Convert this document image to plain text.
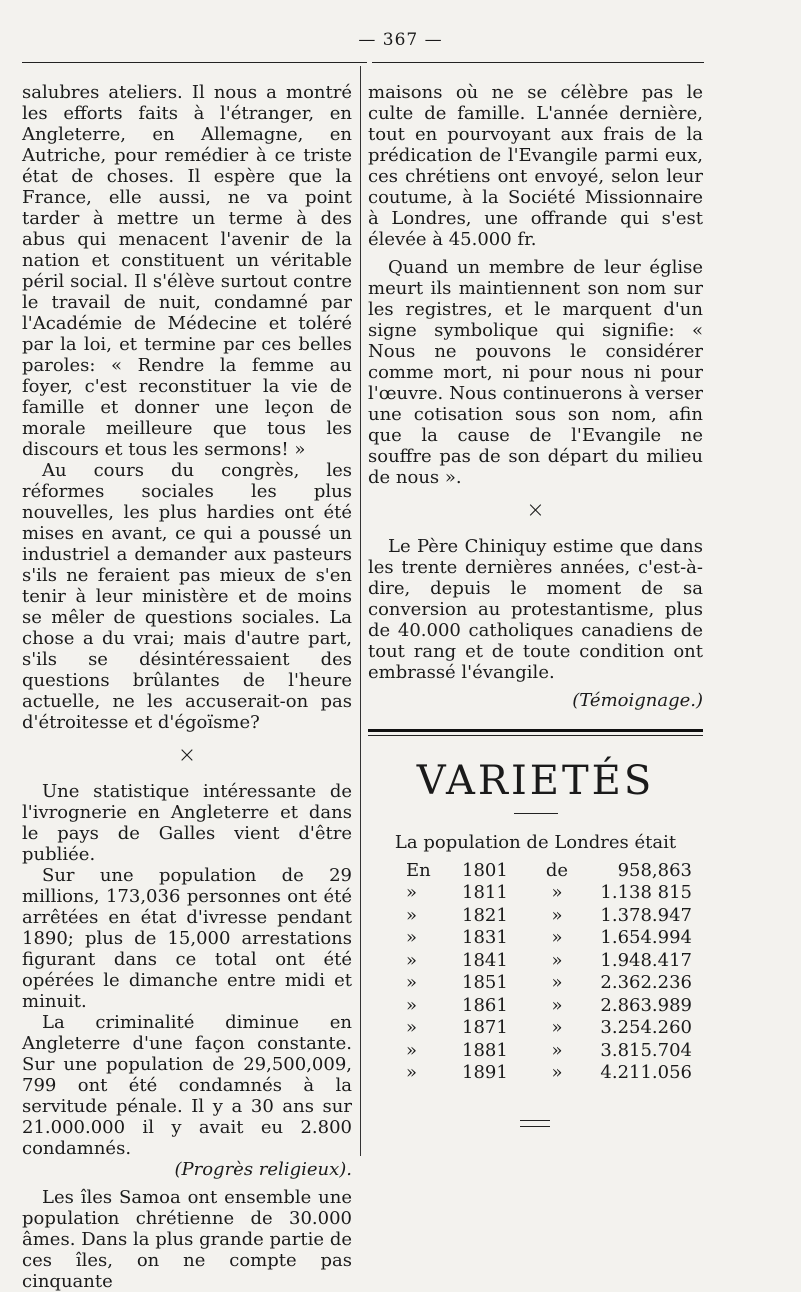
— 367 —

salubres ateliers. Il nous a montré les efforts faits à l'étranger, en Angleterre, en Allemagne, en Autriche, pour remédier à ce triste état de choses. Il espère que la France, elle aussi, ne va point tarder à mettre un terme à des abus qui menacent l'avenir de la nation et constituent un véritable péril social. Il s'élève surtout contre le travail de nuit, condamné par l'Académie de Médecine et toléré par la loi, et termine par ces belles paroles: « Rendre la femme au foyer, c'est reconstituer la vie de famille et donner une leçon de morale meilleure que tous les discours et tous les sermons! »

Au cours du congrès, les réformes sociales les plus nouvelles, les plus hardies ont été mises en avant, ce qui a poussé un industriel a demander aux pasteurs s'ils ne feraient pas mieux de s'en tenir à leur ministère et de moins se mêler de questions sociales. La chose a du vrai; mais d'autre part, s'ils se désintéressaient des questions brûlantes de l'heure actuelle, ne les accuserait-on pas d'étroitesse et d'égoïsme?

×

Une statistique intéressante de l'ivrognerie en Angleterre et dans le pays de Galles vient d'être publiée.

Sur une population de 29 millions, 173,036 personnes ont été arrêtées en état d'ivresse pendant 1890; plus de 15,000 arrestations figurant dans ce total ont été opérées le dimanche entre midi et minuit.

La criminalité diminue en Angleterre d'une façon constante. Sur une population de 29,500,009, 799 ont été condamnés à la servitude pénale. Il y a 30 ans sur 21.000.000 il y avait eu 2.800 condamnés.

(Progrès religieux).

Les îles Samoa ont ensemble une population chrétienne de 30.000 âmes. Dans la plus grande partie de ces îles, on ne compte pas cinquante

maisons où ne se célèbre pas le culte de famille. L'année dernière, tout en pourvoyant aux frais de la prédication de l'Evangile parmi eux, ces chrétiens ont envoyé, selon leur coutume, à la Société Missionnaire à Londres, une offrande qui s'est élevée à 45.000 fr.

Quand un membre de leur église meurt ils maintiennent son nom sur les registres, et le marquent d'un signe symbolique qui signifie: « Nous ne pouvons le considérer comme mort, ni pour nous ni pour l'œuvre. Nous continuerons à verser une cotisation sous son nom, afin que la cause de l'Evangile ne souffre pas de son départ du milieu de nous ».

×

Le Père Chiniquy estime que dans les trente dernières années, c'est-à-dire, depuis le moment de sa conversion au protestantisme, plus de 40.000 catholiques canadiens de tout rang et de toute condition ont embrassé l'évangile.

(Témoignage.)

VARIETÉS
La population de Londres était
En	1801	de	958,863
»	1811	»	1.138 815
»	1821	»	1.378.947
»	1831	»	1.654.994
»	1841	»	1.948.417
»	1851	»	2.362.236
»	1861	»	2.863.989
»	1871	»	3.254.260
»	1881	»	3.815.704
»	1891	»	4.211.056
